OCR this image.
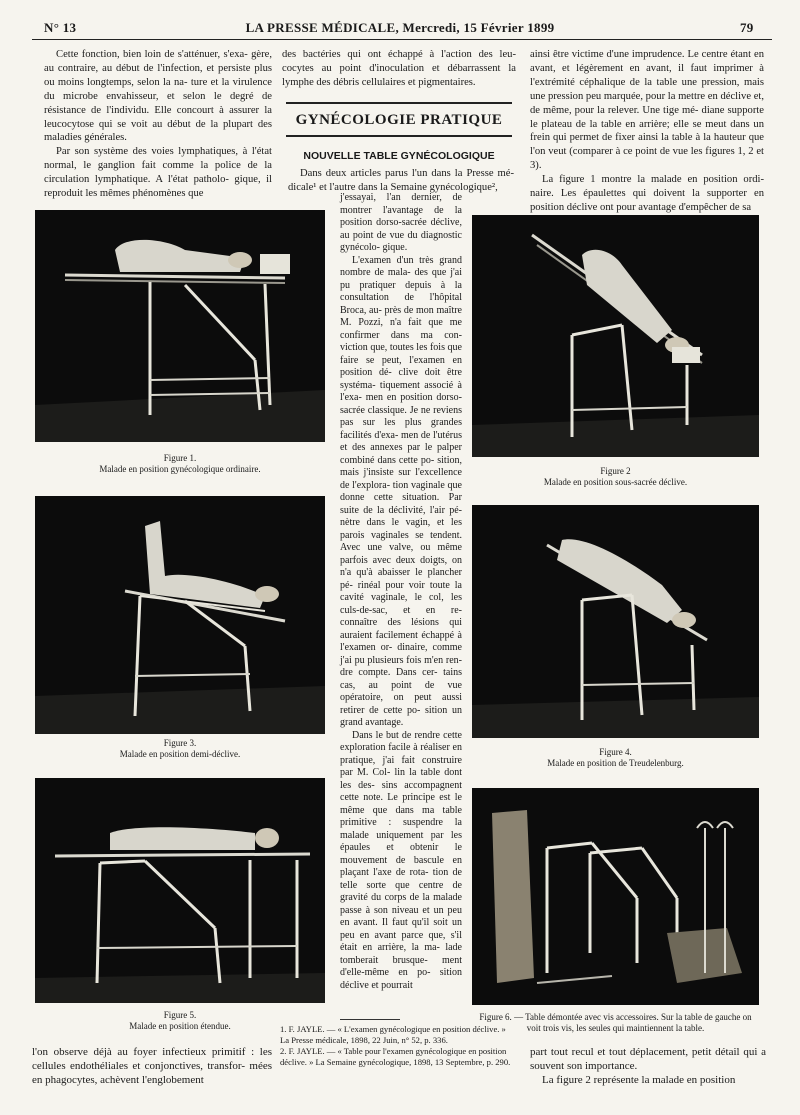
N° 13	LA PRESSE MÉDICALE, Mercredi, 15 Février 1899	79

Cette fonction, bien loin de s'atténuer, s'exa- gère, au contraire, au début de l'infection, et persiste plus ou moins longtemps, selon la na- ture et la virulence du microbe envahisseur, et selon le degré de résistance de l'individu. Elle concourt à assurer la leucocytose qui se voit au début de la plupart des maladies générales.

Par son système des voies lymphatiques, à l'état normal, le ganglion fait comme la police de la circulation lymphatique. A l'état patholo- gique, il reproduit les mêmes phénomènes que

des bactéries qui ont échappé à l'action des leu- cocytes au point d'inoculation et débarrassent la lymphe des débris cellulaires et pigmentaires.

GYNÉCOLOGIE PRATIQUE
NOUVELLE TABLE GYNÉCOLOGIQUE

Dans deux articles parus l'un dans la Presse mé- dicale¹ et l'autre dans la Semaine gynécologique²,

ainsi être victime d'une imprudence. Le centre étant en avant, et légèrement en avant, il faut imprimer à l'extrémité céphalique de la table une pression, mais une pression peu marquée, pour la mettre en déclive et, de même, pour la relever. Une tige mé- diane supporte le plateau de la table en arrière; elle se meut dans un frein qui permet de fixer ainsi la table à la hauteur que l'on veut (comparer à ce point de vue les figures 1, 2 et 3).

La figure 1 montre la malade en position ordi- naire. Les épaulettes qui doivent la supporter en position déclive ont pour avantage d'empêcher de sa

j'essayai, l'an dernier, de montrer l'avantage de la position dorso-sacrée déclive, au point de vue du diagnostic gynécolo- gique.

L'examen d'un très grand nombre de mala- des que j'ai pu pratiquer depuis à la consultation de l'hôpital Broca, au- près de mon maître M. Pozzi, n'a fait que me confirmer dans ma con- viction que, toutes les fois que faire se peut, l'examen en position dé- clive doit être systéma- tiquement associé à l'exa- men en position dorso- sacrée classique. Je ne reviens pas sur les plus grandes facilités d'exa- men de l'utérus et des annexes par le palper combiné dans cette po- sition, mais j'insiste sur l'excellence de l'explora- tion vaginale que donne cette situation. Par suite de la déclivité, l'air pé- nètre dans le vagin, et les parois vaginales se tendent. Avec une valve, ou même parfois avec deux doigts, on n'a qu'à abaisser le plancher pé- rinéal pour voir toute la cavité vaginale, le col, les culs-de-sac, et en re- connaître des lésions qui auraient facilement échappé à l'examen or- dinaire, comme j'ai pu plusieurs fois m'en ren- dre compte. Dans cer- tains cas, au point de vue opératoire, on peut aussi retirer de cette po- sition un grand avantage.

Dans le but de rendre cette exploration facile à réaliser en pratique, j'ai fait construire par M. Col- lin la table dont les des- sins accompagnent cette note. Le principe est le même que dans ma table primitive : suspendre la malade uniquement par les épaules et obtenir le mouvement de bascule en plaçant l'axe de rota- tion de telle sorte que centre de gravité du corps de la malade passe à son niveau et un peu en avant. Il faut qu'il soit un peu en avant parce que, s'il était en arrière, la ma- lade tomberait brusque- ment d'elle-même en po- sition déclive et pourrait

Figure 1.
Malade en position gynécologique ordinaire.	Figure 2
Malade en position sous-sacrée déclive.
Figure 3.
Malade en position demi-déclive.	Figure 4.
Malade en position de Treudelenburg.
Figure 5.
Malade en position étendue.
Figure 6. — Table démontée avec vis accessoires. Sur la table de gauche on voit trois vis, les seules qui maintiennent la table.
1. F. JAYLE. — « L'examen gynécologique en position déclive. » La Presse médicale, 1898, 22 Juin, n° 52, p. 336.
2. F. JAYLE. — « Table pour l'examen gynécologique en position déclive. » La Semaine gynécologique, 1898, 13 Septembre, p. 290.

l'on observe déjà au foyer infectieux primitif : les cellules endothéliales et conjonctives, transfor- mées en phagocytes, achèvent l'englobement

part tout recul et tout déplacement, petit détail qui a souvent son importance.

La figure 2 représente la malade en position
